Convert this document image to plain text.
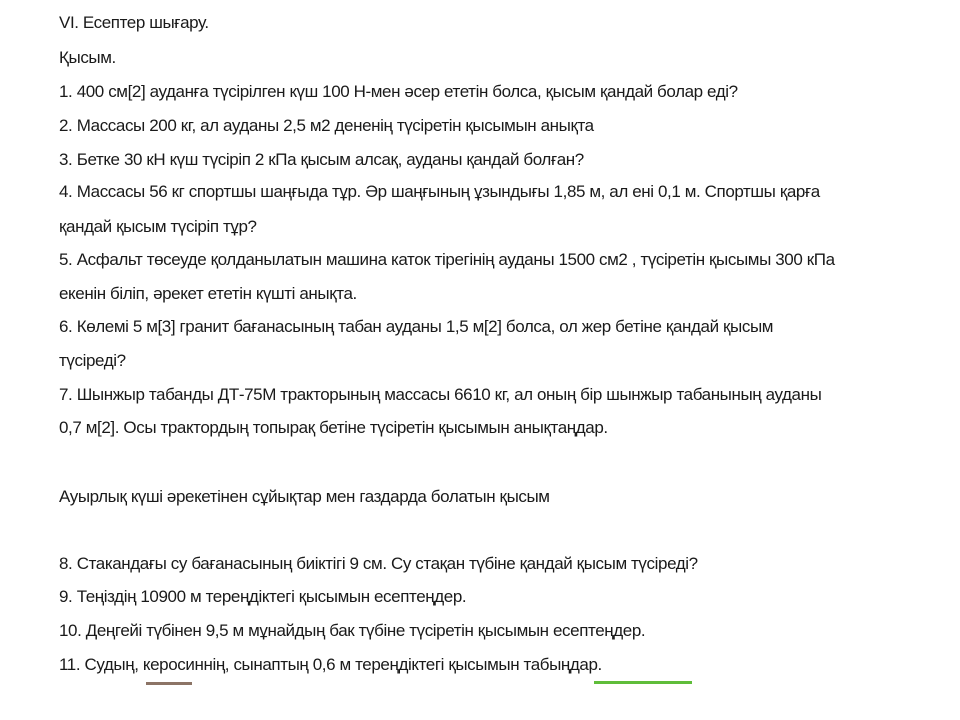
VI. Есептер шығару.
Қысым.
1. 400 см[2] ауданға түсірілген күш 100 Н-мен әсер ететін болса, қысым қандай болар еді?
2. Массасы 200 кг, ал ауданы 2,5 м2 дененің түсіретін қысымын анықта
3. Бетке 30 кН күш түсіріп 2 кПа қысым алсақ, ауданы қандай болған?
4. Массасы 56 кг спортшы шаңғыда тұр. Әр шаңғының ұзындығы 1,85 м, ал ені 0,1 м. Спортшы қарға
қандай қысым түсіріп тұр?
5. Асфальт төсеуде қолданылатын машина каток тірегінің ауданы 1500 см2 , түсіретін қысымы 300 кПа
екенін біліп, әрекет ететін күшті анықта.
6. Көлемі 5 м[3] гранит бағанасының табан ауданы 1,5 м[2] болса, ол жер бетіне қандай қысым
түсіреді?
7. Шынжыр табанды ДТ-75М тракторының массасы 6610 кг, ал оның бір шынжыр табанының ауданы
0,7 м[2]. Осы трактордың топырақ бетіне түсіретін қысымын анықтаңдар.
Ауырлық күші әрекетінен сұйықтар мен газдарда болатын қысым
8. Стакандағы су бағанасының биіктігі 9 см. Су стақан түбіне қандай қысым түсіреді?
9. Теңіздің 10900 м тереңдіктегі қысымын есептеңдер.
10. Деңгейі түбінен 9,5 м мұнайдың бак түбіне түсіретін қысымын есептеңдер.
11. Судың, керосиннің, сынаптың 0,6 м тереңдіктегі қысымын табыңдар.
